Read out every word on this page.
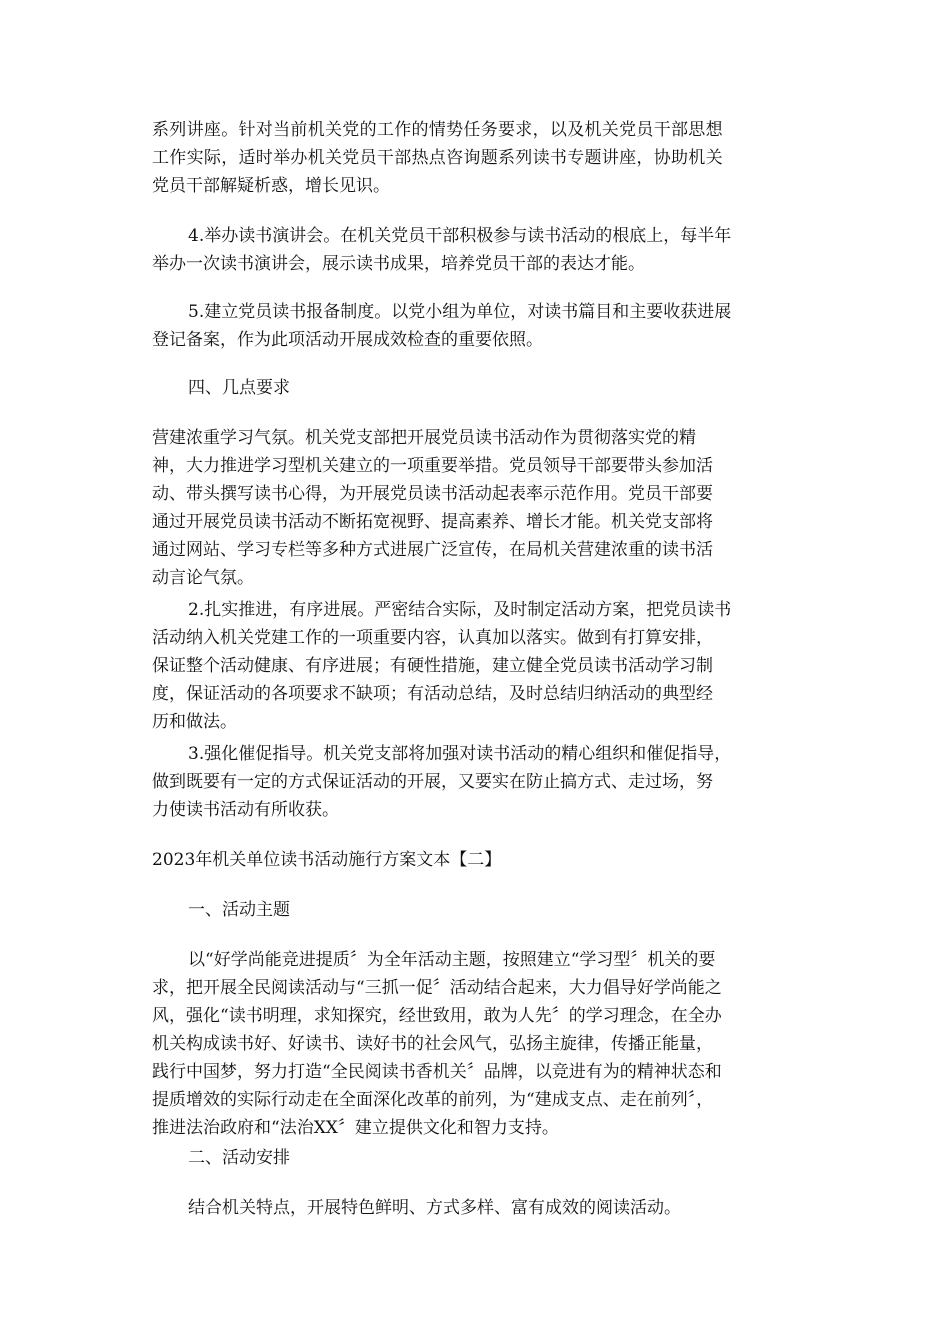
系列讲座。针对当前机关党的工作的情势任务要求，以及机关党员干部思想
工作实际，适时举办机关党员干部热点咨询题系列读书专题讲座，协助机关
党员干部解疑析惑，增长见识。

4.举办读书演讲会。在机关党员干部积极参与读书活动的根底上，每半年
举办一次读书演讲会，展示读书成果，培养党员干部的表达才能。

5.建立党员读书报备制度。以党小组为单位，对读书篇目和主要收获进展
登记备案，作为此项活动开展成效检查的重要依照。

四、几点要求

营建浓重学习气氛。机关党支部把开展党员读书活动作为贯彻落实党的精
神，大力推进学习型机关建立的一项重要举措。党员领导干部要带头参加活
动、带头撰写读书心得，为开展党员读书活动起表率示范作用。党员干部要
通过开展党员读书活动不断拓宽视野、提高素养、增长才能。机关党支部将
通过网站、学习专栏等多种方式进展广泛宣传，在局机关营建浓重的读书活
动言论气氛。

2.扎实推进，有序进展。严密结合实际，及时制定活动方案，把党员读书
活动纳入机关党建工作的一项重要内容，认真加以落实。做到有打算安排，
保证整个活动健康、有序进展；有硬性措施，建立健全党员读书活动学习制
度，保证活动的各项要求不缺项；有活动总结，及时总结归纳活动的典型经
历和做法。

3.强化催促指导。机关党支部将加强对读书活动的精心组织和催促指导，
做到既要有一定的方式保证活动的开展，又要实在防止搞方式、走过场，努
力使读书活动有所收获。

2023年机关单位读书活动施行方案文本【二】

一、活动主题

以“好学尚能竞进提质〞为全年活动主题，按照建立“学习型〞机关的要
求，把开展全民阅读活动与“三抓一促〞活动结合起来，大力倡导好学尚能之
风，强化“读书明理，求知探究，经世致用，敢为人先〞的学习理念，在全办
机关构成读书好、好读书、读好书的社会风气，弘扬主旋律，传播正能量，
践行中国梦，努力打造“全民阅读书香机关〞品牌，以竞进有为的精神状态和
提质增效的实际行动走在全面深化改革的前列，为“建成支点、走在前列〞，
推进法治政府和“法治XX〞建立提供文化和智力支持。

二、活动安排

结合机关特点，开展特色鲜明、方式多样、富有成效的阅读活动。
